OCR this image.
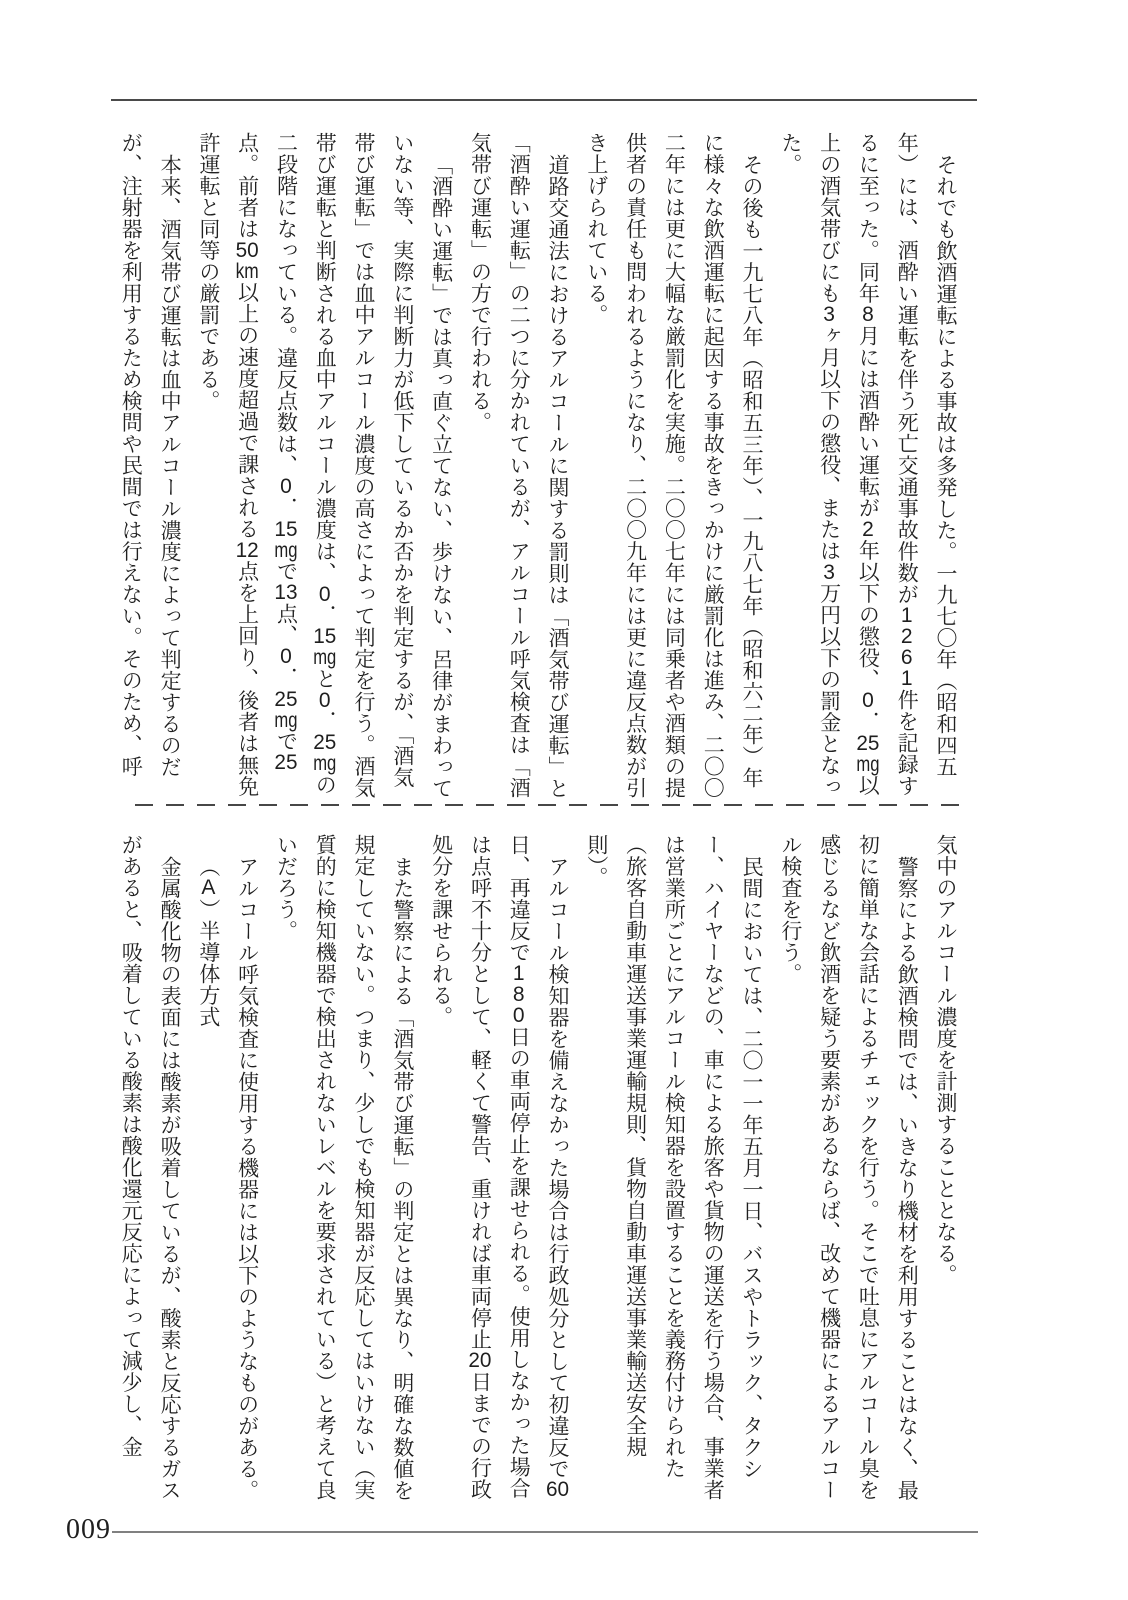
それでも飲酒運転による事故は多発した。一九七〇年（昭和四五年）には、酒酔い運転を伴う死亡交通事故件数が1261件を記録するに至った。同年8月には酒酔い運転が2年以下の懲役、0．25mg以上の酒気帯びにも3ヶ月以下の懲役、または3万円以下の罰金となった。

その後も一九七八年（昭和五三年）、一九八七年（昭和六二年）年に様々な飲酒運転に起因する事故をきっかけに厳罰化は進み、二〇〇二年には更に大幅な厳罰化を実施。二〇〇七年には同乗者や酒類の提供者の責任も問われるようになり、二〇〇九年には更に違反点数が引き上げられている。

道路交通法におけるアルコールに関する罰則は「酒気帯び運転」と「酒酔い運転」の二つに分かれているが、アルコール呼気検査は「酒気帯び運転」の方で行われる。

「酒酔い運転」では真っ直ぐ立てない、歩けない、呂律がまわっていない等、実際に判断力が低下しているか否かを判定するが、「酒気帯び運転」では血中アルコール濃度の高さによって判定を行う。酒気帯び運転と判断される血中アルコール濃度は、0．15mgと0．25mgの二段階になっている。違反点数は、0．15mgで13点、0．25mgで25点。前者は50km以上の速度超過で課される12点を上回り、後者は無免許運転と同等の厳罰である。

本来、酒気帯び運転は血中アルコール濃度によって判定するのだが、注射器を利用するため検問や民間では行えない。そのため、呼

気中のアルコール濃度を計測することとなる。

警察による飲酒検問では、いきなり機材を利用することはなく、最初に簡単な会話によるチェックを行う。そこで吐息にアルコール臭を感じるなど飲酒を疑う要素があるならば、改めて機器によるアルコール検査を行う。

民間においては、二〇一一年五月一日、バスやトラック、タクシー、ハイヤーなどの、車による旅客や貨物の運送を行う場合、事業者は営業所ごとにアルコール検知器を設置することを義務付けられた（旅客自動車運送事業運輸規則、貨物自動車運送事業輸送安全規則）。

アルコール検知器を備えなかった場合は行政処分として初違反で60日、再違反で180日の車両停止を課せられる。使用しなかった場合は点呼不十分として、軽くて警告、重ければ車両停止20日までの行政処分を課せられる。

また警察による「酒気帯び運転」の判定とは異なり、明確な数値を規定していない。つまり、少しでも検知器が反応してはいけない（実質的に検知機器で検出されないレベルを要求されている）と考えて良いだろう。

アルコール呼気検査に使用する機器には以下のようなものがある。

（A）半導体方式

金属酸化物の表面には酸素が吸着しているが、酸素と反応するガスがあると、吸着している酸素は酸化還元反応によって減少し、金

009
